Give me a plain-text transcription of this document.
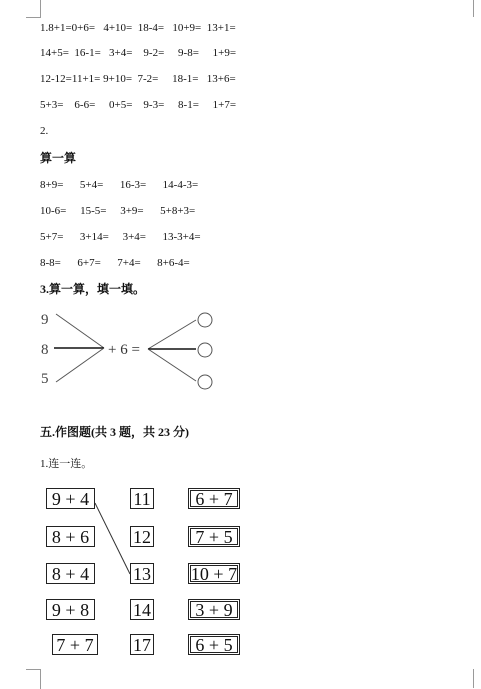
1.8+1=0+6=   4+10=  18-4=   10+9=  13+1=
14+5=  16-1=   3+4=    9-2=     9-8=     1+9=
12-12=11+1= 9+10=  7-2=     18-1=   13+6=
5+3=    6-6=     0+5=    9-3=     8-1=     1+7=
2.
算一算
8+9=      5+4=      16-3=      14-4-3=
10-6=     15-5=     3+9=      5+8+3=
5+7=      3+14=     3+4=      13-3+4=
8-8=      6+7=      7+4=      8+6-4=
3.算一算，填一填。
9
8
5
+ 6 =
五.作图题(共 3 题，共 23 分)
1.连一连。
9 + 4
8 + 6
8 + 4
9 + 8
7 + 7
11
12
13
14
17
6 + 7
7 + 5
10 + 7
3 + 9
6 + 5
